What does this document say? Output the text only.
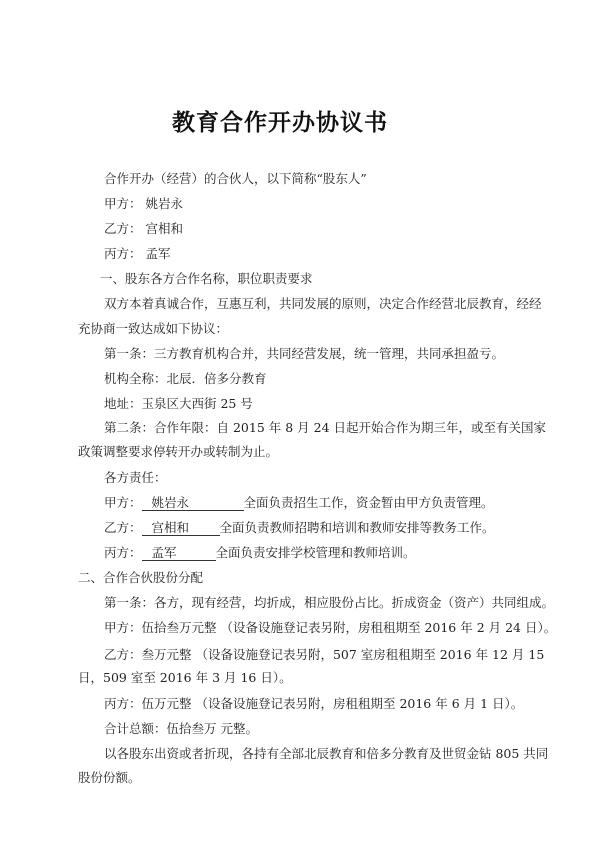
教育合作开办协议书
合作开办（经营）的合伙人，以下简称“股东人”
甲方： 姚岩永
乙方： 宫相和
丙方： 孟军
一、股东各方合作名称，职位职责要求
双方本着真诚合作，互惠互利，共同发展的原则，决定合作经营北辰教育，经经
充协商一致达成如下协议：
第一条：三方教育机构合并，共同经营发展，统一管理，共同承担盈亏。
机构全称：北辰．倍多分教育
地址：玉泉区大西街 25 号
第二条：合作年限：自 2015 年 8 月 24 日起开始合作为期三年，或至有关国家
政策调整要求停转开办或转制为止。
各方责任：
甲方： 姚岩永	全面负责招生工作，资金暂由甲方负责管理。
乙方： 宫相和 全面负责教师招聘和培训和教师安排等教务工作。
丙方： 孟军	全面负责安排学校管理和教师培训。
二、合作合伙股份分配
第一条：各方，现有经营，均折成，相应股份占比。折成资金（资产）共同组成。
甲方：伍拾叁万元整 （设备设施登记表另附，房租租期至 2016 年 2 月 24 日）。
乙方：叁万元整 （设备设施登记表另附，507 室房租租期至 2016 年 12 月 15
日，509 室至 2016 年 3 月 16 日）。
丙方：伍万元整 （设备设施登记表另附，房租租期至 2016 年 6 月 1 日）。
合计总额：伍拾叁万 元整。
以各股东出资或者折现，各持有全部北辰教育和倍多分教育及世贸金钻 805 共同
股份份额。
